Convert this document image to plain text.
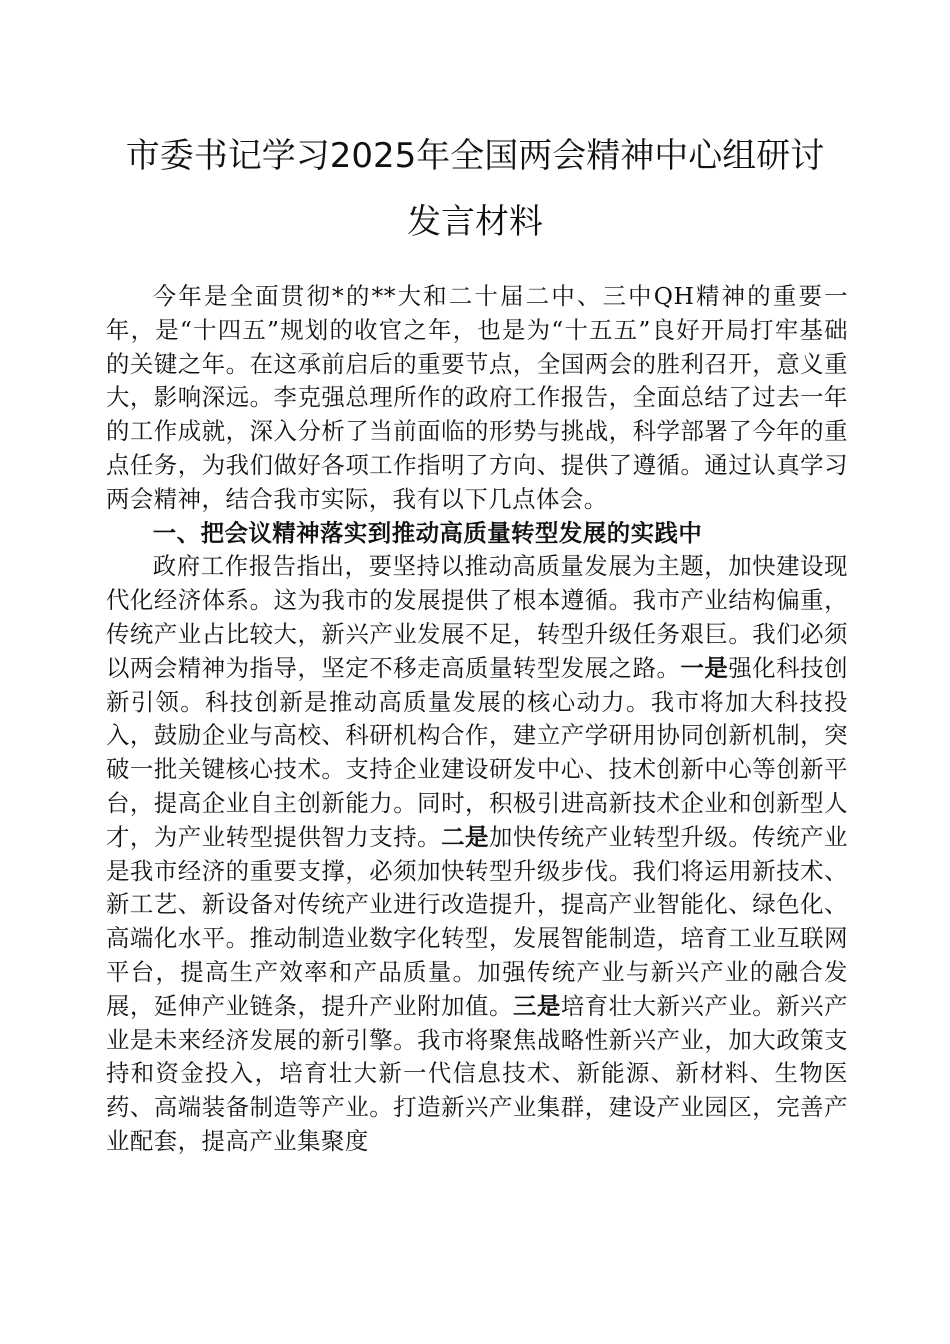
市委书记学习2025年全国两会精神中心组研讨
发言材料

今年是全面贯彻*的**大和二十届二中、三中QH精神的重要一年，是“十四五”规划的收官之年，也是为“十五五”良好开局打牢基础的关键之年。在这承前启后的重要节点，全国两会的胜利召开，意义重大，影响深远。李克强总理所作的政府工作报告，全面总结了过去一年的工作成就，深入分析了当前面临的形势与挑战，科学部署了今年的重点任务，为我们做好各项工作指明了方向、提供了遵循。通过认真学习两会精神，结合我市实际，我有以下几点体会。

一、把会议精神落实到推动高质量转型发展的实践中

政府工作报告指出，要坚持以推动高质量发展为主题，加快建设现代化经济体系。这为我市的发展提供了根本遵循。我市产业结构偏重，传统产业占比较大，新兴产业发展不足，转型升级任务艰巨。我们必须以两会精神为指导，坚定不移走高质量转型发展之路。一是强化科技创新引领。科技创新是推动高质量发展的核心动力。我市将加大科技投入，鼓励企业与高校、科研机构合作，建立产学研用协同创新机制，突破一批关键核心技术。支持企业建设研发中心、技术创新中心等创新平台，提高企业自主创新能力。同时，积极引进高新技术企业和创新型人才，为产业转型提供智力支持。二是加快传统产业转型升级。传统产业是我市经济的重要支撑，必须加快转型升级步伐。我们将运用新技术、新工艺、新设备对传统产业进行改造提升，提高产业智能化、绿色化、高端化水平。推动制造业数字化转型，发展智能制造，培育工业互联网平台，提高生产效率和产品质量。加强传统产业与新兴产业的融合发展，延伸产业链条，提升产业附加值。三是培育壮大新兴产业。新兴产业是未来经济发展的新引擎。我市将聚焦战略性新兴产业，加大政策支持和资金投入，培育壮大新一代信息技术、新能源、新材料、生物医药、高端装备制造等产业。打造新兴产业集群，建设产业园区，完善产业配套，提高产业集聚度
